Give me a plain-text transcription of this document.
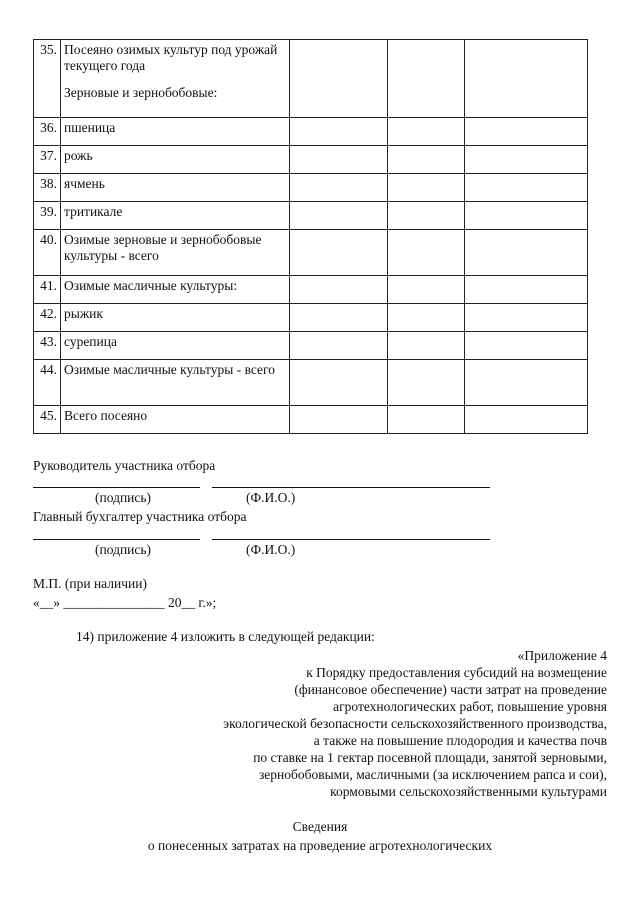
35.	Посеяно озимых культур под урожай текущего года
Зерновые и зернобобовые:			

36.	пшеница			
37.	рожь			
38.	ячмень			
39.	тритикале			
40.	Озимые зерновые и зернобобовые культуры - всего			
41.	Озимые масличные культуры:			
42.	рыжик			
43.	сурепица			
44.	Озимые масличные культуры - всего			
45.	Всего посеяно			
Руководитель участника отбора
(подпись)	(Ф.И.О.)
Главный бухгалтер участника отбора
(подпись)	(Ф.И.О.)
М.П. (при наличии)
«__» _______________ 20__ г.»;
14) приложение 4 изложить в следующей редакции:
«Приложение 4
к Порядку предоставления субсидий на возмещение
(финансовое обеспечение) части затрат на проведение
агротехнологических работ, повышение уровня
экологической безопасности сельскохозяйственного производства,
а также на повышение плодородия и качества почв
по ставке на 1 гектар посевной площади, занятой зерновыми,
зернобобовыми, масличными (за исключением рапса и сои),
кормовыми сельскохозяйственными культурами
Сведения
о понесенных затратах на проведение агротехнологических
